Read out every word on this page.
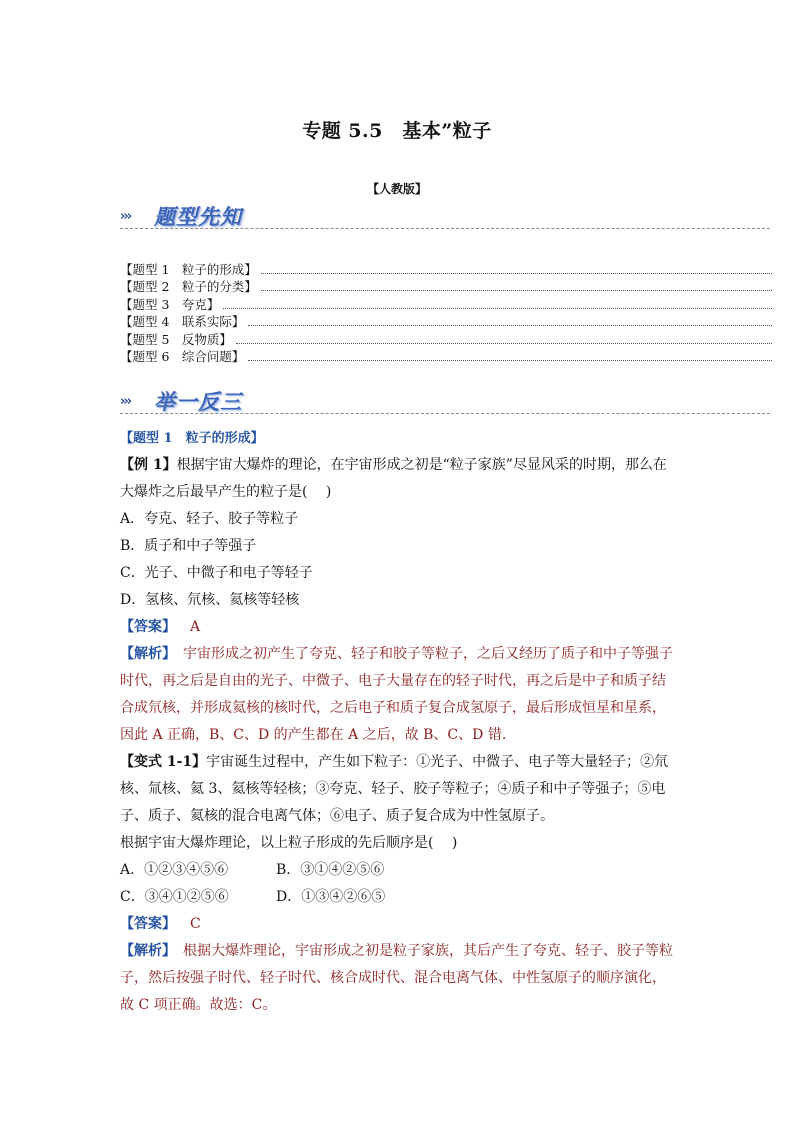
专题 5.5　基本”粒子
【人教版】
››› 题型先知
【题型 1　粒子的形成】
【题型 2　粒子的分类】
【题型 3　夸克】
【题型 4　联系实际】
【题型 5　反物质】
【题型 6　综合问题】
››› 举一反三

【题型 1　粒子的形成】

【例 1】根据宇宙大爆炸的理论，在宇宙形成之初是“粒子家族”尽显风采的时期，那么在大爆炸之后最早产生的粒子是(　 )

A．夸克、轻子、胶子等粒子

B．质子和中子等强子

C．光子、中微子和电子等轻子

D．氢核、氘核、氦核等轻核

【答案】 A

【解析】　宇宙形成之初产生了夸克、轻子和胶子等粒子，之后又经历了质子和中子等强子时代，再之后是自由的光子、中微子、电子大量存在的轻子时代，再之后是中子和质子结合成氘核，并形成氦核的核时代，之后电子和质子复合成氢原子，最后形成恒星和星系，因此 A 正确，B、C、D 的产生都在 A 之后，故 B、C、D 错．

【变式 1-1】宇宙诞生过程中，产生如下粒子：①光子、中微子、电子等大量轻子；②氘核、氚核、氦 3、氦核等轻核；③夸克、轻子、胶子等粒子；④质子和中子等强子；⑤电子、质子、氦核的混合电离气体；⑥电子、质子复合成为中性氢原子。

根据宇宙大爆炸理论，以上粒子形成的先后顺序是(　 )

A．①②③④⑤⑥	B．③①④②⑤⑥
C．③④①②⑤⑥	D．①③④②⑥⑤

【答案】 C

【解析】　根据大爆炸理论，宇宙形成之初是粒子家族，其后产生了夸克、轻子、胶子等粒子，然后按强子时代、轻子时代、核合成时代、混合电离气体、中性氢原子的顺序演化，故 C 项正确。故选：C。
